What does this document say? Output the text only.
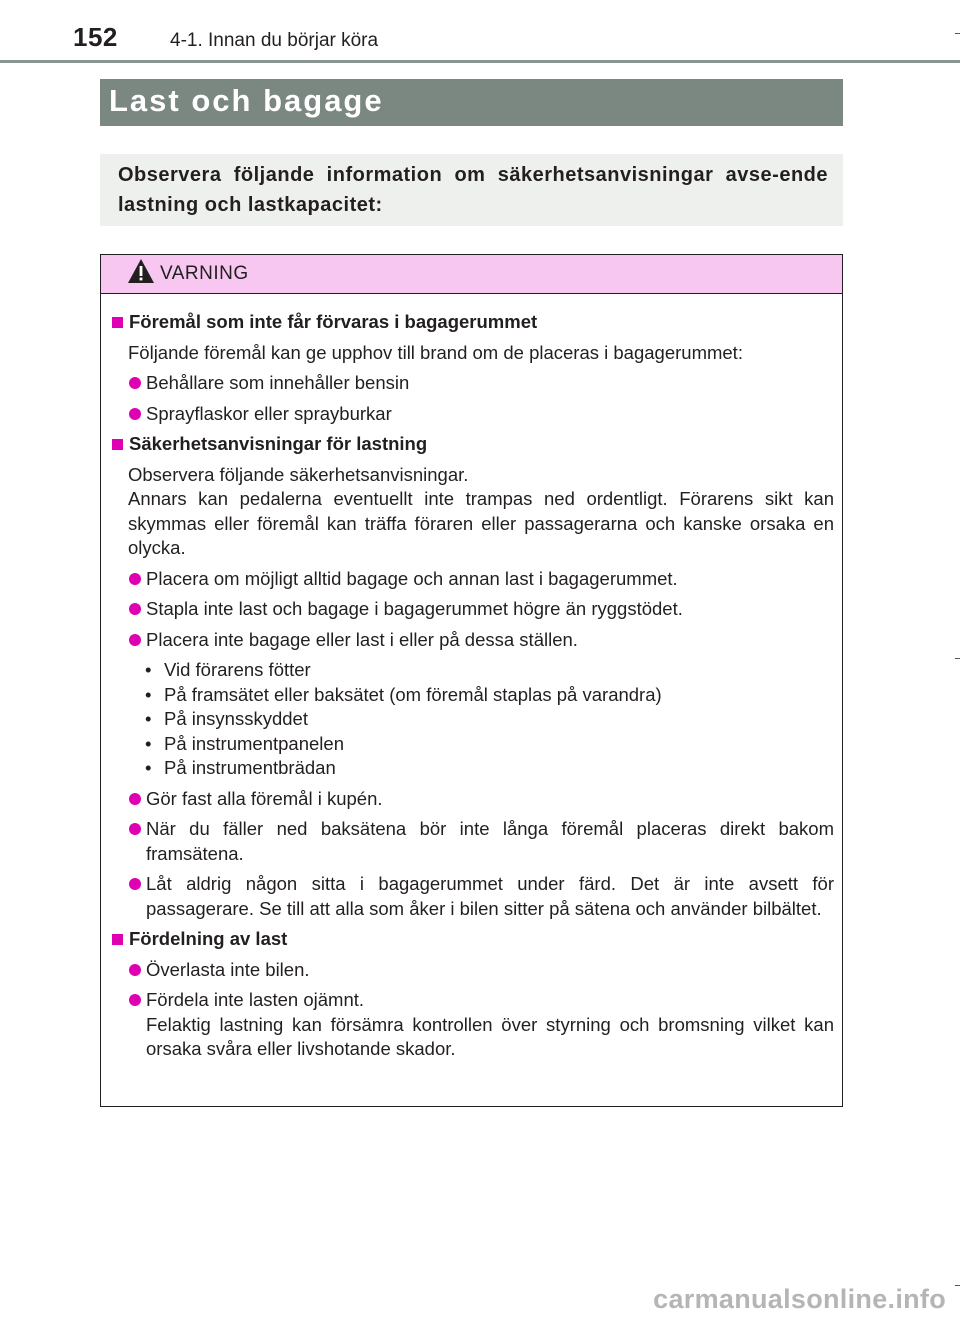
152	4-1. Innan du börjar köra
Last och bagage
Observera följande information om säkerhetsanvisningar avse-ende lastning och lastkapacitet:
VARNING
Föremål som inte får förvaras i bagagerummet
Följande föremål kan ge upphov till brand om de placeras i bagagerummet:
Behållare som innehåller bensin
Sprayflaskor eller sprayburkar
Säkerhetsanvisningar för lastning
Observera följande säkerhetsanvisningar.
Annars kan pedalerna eventuellt inte trampas ned ordentligt. Förarens sikt kan skymmas eller föremål kan träffa föraren eller passagerarna och kanske orsaka en olycka.
Placera om möjligt alltid bagage och annan last i bagagerummet.
Stapla inte last och bagage i bagagerummet högre än ryggstödet.
Placera inte bagage eller last i eller på dessa ställen.
• Vid förarens fötter
• På framsätet eller baksätet (om föremål staplas på varandra)
• På insynsskyddet
• På instrumentpanelen
• På instrumentbrädan
Gör fast alla föremål i kupén.
När du fäller ned baksätena bör inte långa föremål placeras direkt bakom framsätena.
Låt aldrig någon sitta i bagagerummet under färd. Det är inte avsett för passagerare. Se till att alla som åker i bilen sitter på sätena och använder bilbältet.
Fördelning av last
Överlasta inte bilen.
Fördela inte lasten ojämnt.
Felaktig lastning kan försämra kontrollen över styrning och bromsning vilket kan orsaka svåra eller livshotande skador.
carmanualsonline.info
